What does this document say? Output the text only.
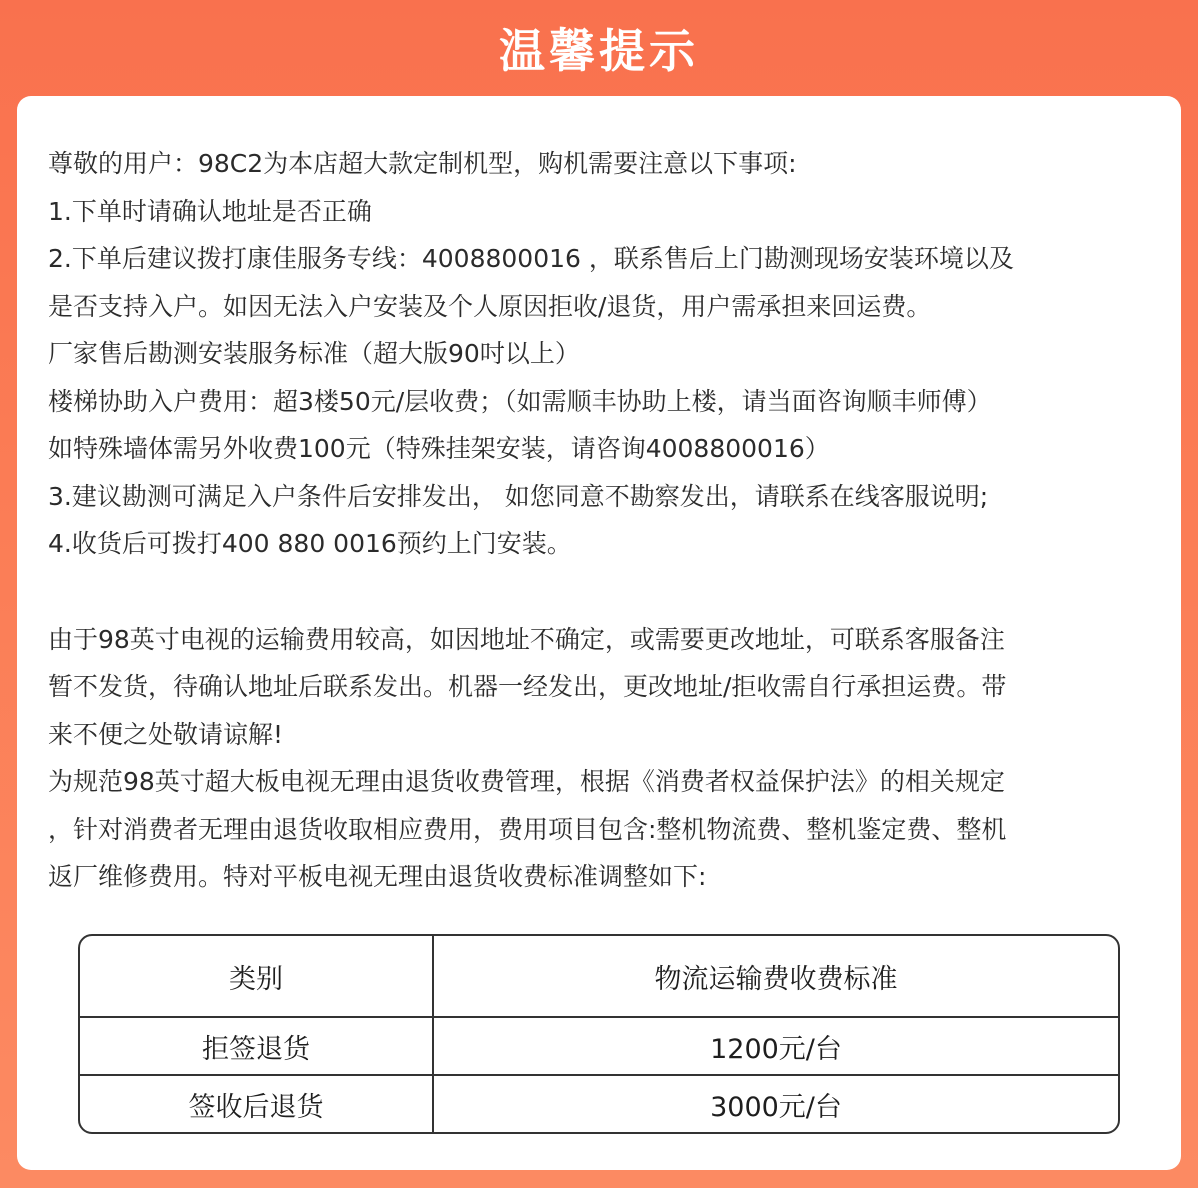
温馨提示
尊敬的用户：98C2为本店超大款定制机型，购机需要注意以下事项:
1.下单时请确认地址是否正确
2.下单后建议拨打康佳服务专线：4008800016 ，联系售后上门勘测现场安装环境以及
是否支持入户。如因无法入户安装及个人原因拒收/退货，用户需承担来回运费。
厂家售后勘测安装服务标准（超大版90吋以上）
楼梯协助入户费用：超3楼50元/层收费；（如需顺丰协助上楼，请当面咨询顺丰师傅）
如特殊墙体需另外收费100元（特殊挂架安装，请咨询4008800016）
3.建议勘测可满足入户条件后安排发出， 如您同意不勘察发出，请联系在线客服说明;
4.收货后可拨打400 880 0016预约上门安装。
由于98英寸电视的运输费用较高，如因地址不确定，或需要更改地址，可联系客服备注
暂不发货，待确认地址后联系发出。机器一经发出，更改地址/拒收需自行承担运费。带
来不便之处敬请谅解!
为规范98英寸超大板电视无理由退货收费管理，根据《消费者权益保护法》的相关规定
，针对消费者无理由退货收取相应费用，费用项目包含:整机物流费、整机鉴定费、整机
返厂维修费用。特对平板电视无理由退货收费标准调整如下:
类别	物流运输费收费标准
拒签退货	1200元/台
签收后退货	3000元/台
